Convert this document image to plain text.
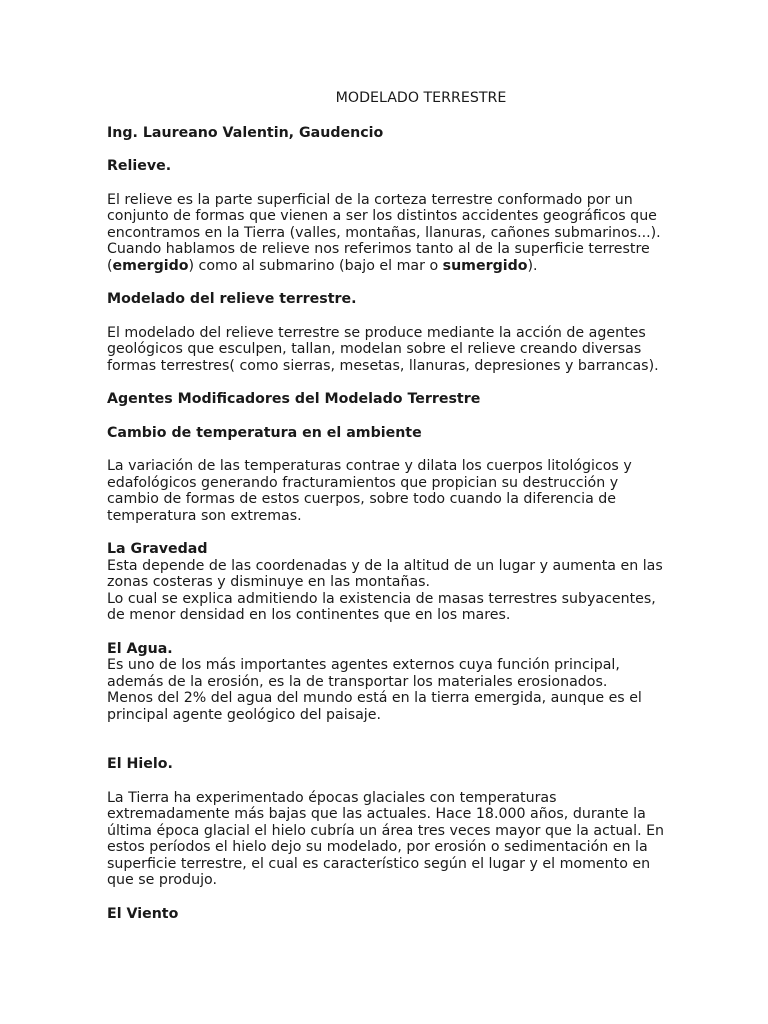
MODELADO TERRESTRE

Ing. Laureano Valentin, Gaudencio

Relieve.

El relieve es la parte superficial de la corteza terrestre conformado por un conjunto de formas que vienen a ser los distintos accidentes geográficos que encontramos en la Tierra (valles, montañas, llanuras, cañones submarinos...). Cuando hablamos de relieve nos referimos tanto al de la superficie terrestre (emergido) como al submarino (bajo el mar o sumergido).

Modelado del relieve terrestre.

El modelado del relieve terrestre se produce mediante la acción de agentes geológicos que esculpen, tallan, modelan sobre el relieve creando diversas formas terrestres( como sierras, mesetas, llanuras, depresiones y barrancas).

Agentes Modificadores del Modelado Terrestre

Cambio de temperatura en el ambiente

La variación de las temperaturas contrae y dilata los cuerpos litológicos y edafológicos generando fracturamientos que propician su destrucción y cambio de formas de estos cuerpos, sobre todo cuando la diferencia de temperatura son extremas.

La Gravedad

Esta depende de las coordenadas y de la altitud de un lugar y aumenta en las zonas costeras y disminuye en las montañas.

Lo cual se explica admitiendo la existencia de masas terrestres subyacentes, de menor densidad en los continentes que en los mares.

El Agua.

Es uno de los más importantes agentes externos cuya función principal, además de la erosión, es la de transportar los materiales erosionados.

Menos del 2% del agua del mundo está en la tierra emergida, aunque es el principal agente geológico del paisaje.

El Hielo.

La Tierra ha experimentado épocas glaciales con temperaturas extremadamente más bajas que las actuales. Hace 18.000 años, durante la última época glacial el hielo cubría un área tres veces mayor que la actual. En estos períodos el hielo dejo su modelado, por erosión o sedimentación en la superficie terrestre, el cual es característico según el lugar y el momento en que se produjo.

El Viento
